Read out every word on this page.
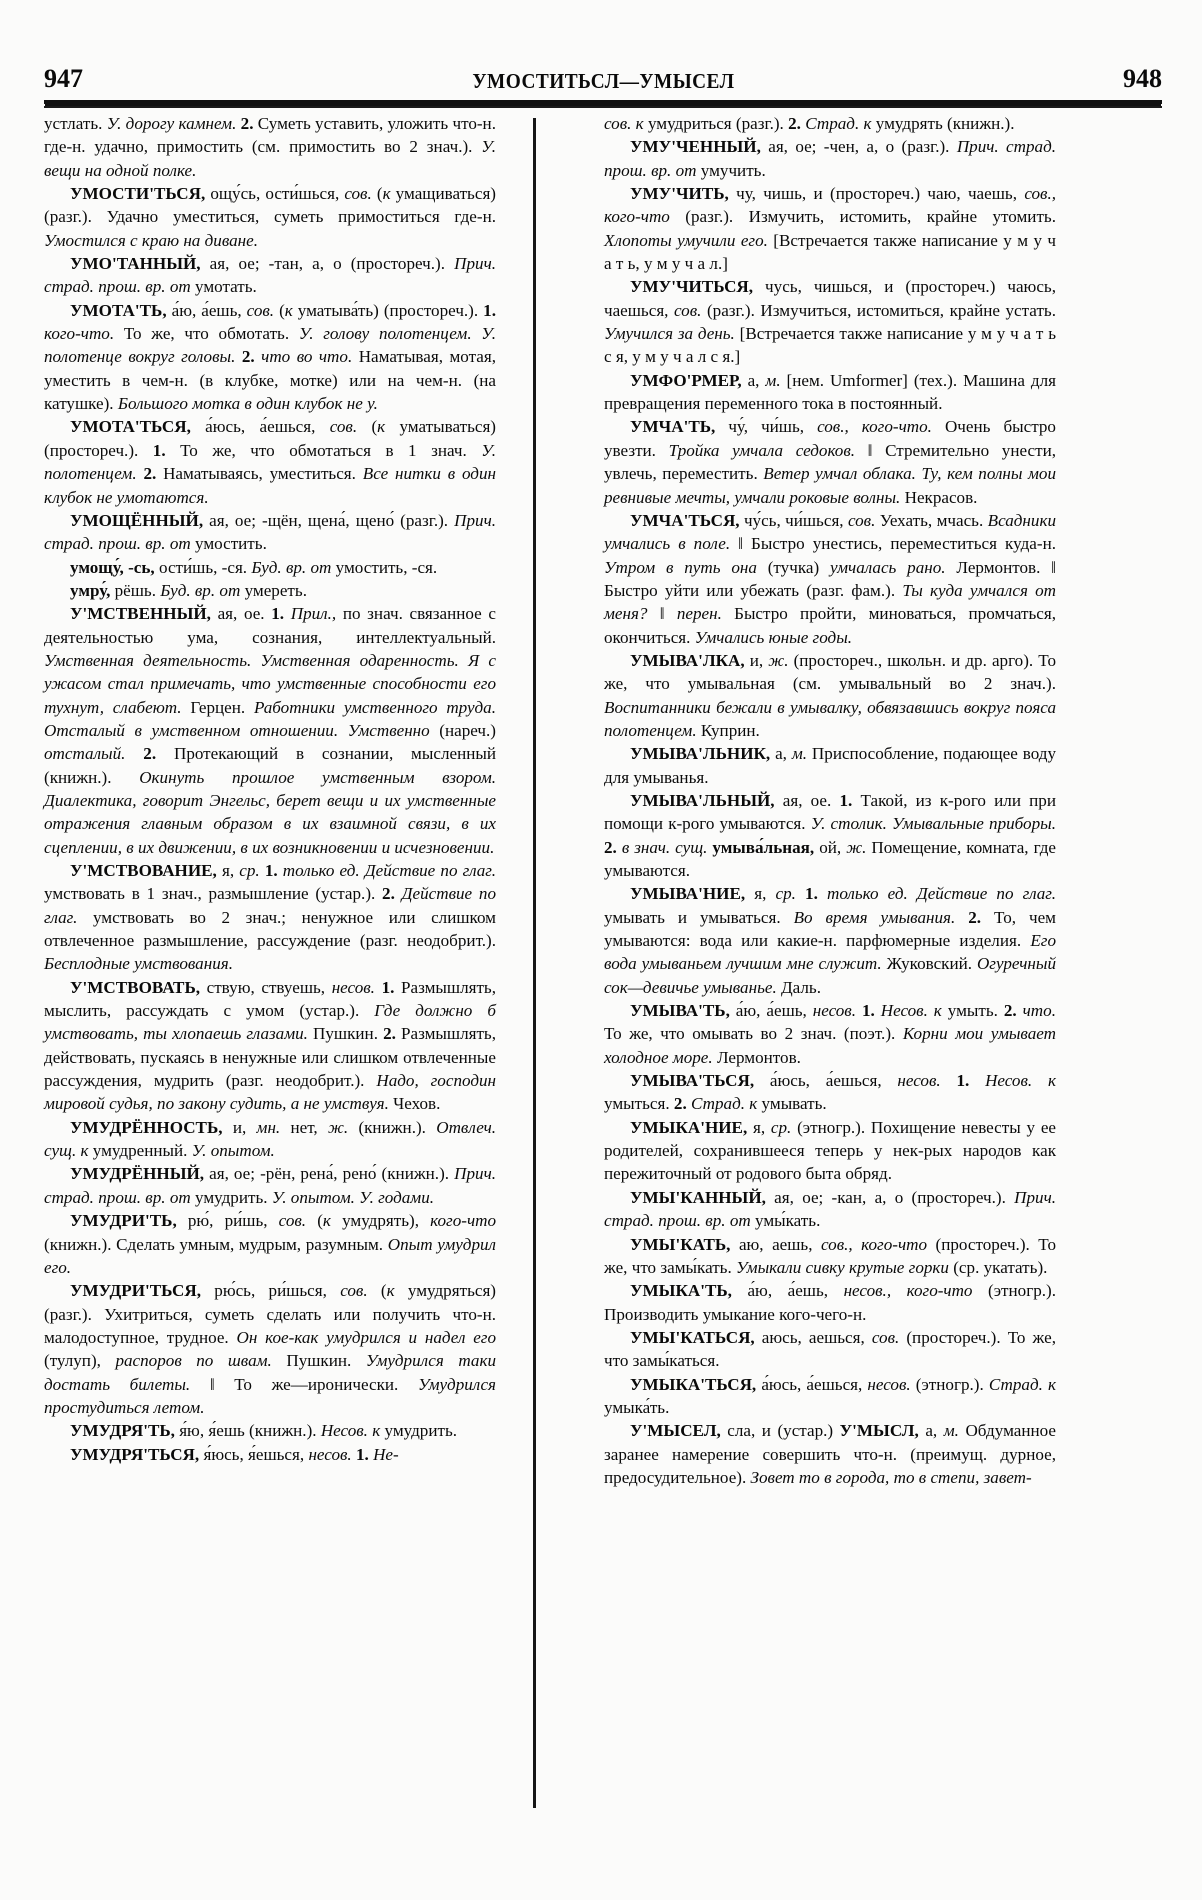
947	УМОСТИТЬСЛ—УМЫСЕЛ	948

устлать. У. дорогу камнем. 2. Суметь уставить, уложить что-н. где-н. удачно, примостить (см. примостить во 2 знач.). У. вещи на одной полке.

УМОСТИ'ТЬСЯ, ощу́сь, ости́шься, сов. (к умащиваться) (разг.). Удачно уместиться, суметь примоститься где-н. Умостился с краю на диване.

УМО'ТАННЫЙ, ая, ое; -тан, а, о (простореч.). Прич. страд. прош. вр. от умотать.

УМОТА'ТЬ, а́ю, а́ешь, сов. (к уматыва́ть) (простореч.). 1. кого-что. То же, что обмотать. У. голову полотенцем. У. полотенце вокруг головы. 2. что во что. Наматывая, мотая, уместить в чем-н. (в клубке, мотке) или на чем-н. (на катушке). Большого мотка в один клубок не у.

УМОТА'ТЬСЯ, а́юсь, а́ешься, сов. (к уматываться) (простореч.). 1. То же, что обмотаться в 1 знач. У. полотенцем. 2. Наматываясь, уместиться. Все нитки в один клубок не умотаются.

УМОЩЁННЫЙ, ая, ое; -щён, щена́, щено́ (разг.). Прич. страд. прош. вр. от умостить.

умощу́, -сь, ости́шь, -ся. Буд. вр. от умостить, -ся.

умру́, рёшь. Буд. вр. от умереть.

У'МСТВЕННЫЙ, ая, ое. 1. Прил., по знач. связанное с деятельностью ума, сознания, интеллектуальный. Умственная деятельность. Умственная одаренность. Я с ужасом стал примечать, что умственные способности его тухнут, слабеют. Герцен. Работники умственного труда. Отсталый в умственном отношении. Умственно (нареч.) отсталый. 2. Протекающий в сознании, мысленный (книжн.). Окинуть прошлое умственным взором. Диалектика, говорит Энгельс, берет вещи и их умственные отражения главным образом в их взаимной связи, в их сцеплении, в их движении, в их возникновении и исчезновении.

У'МСТВОВАНИЕ, я, ср. 1. только ед. Действие по глаг. умствовать в 1 знач., размышление (устар.). 2. Действие по глаг. умствовать во 2 знач.; ненужное или слишком отвлеченное размышление, рассуждение (разг. неодобрит.). Бесплодные умствования.

У'МСТВОВАТЬ, ствую, ствуешь, несов. 1. Размышлять, мыслить, рассуждать с умом (устар.). Где должно б умствовать, ты хлопаешь глазами. Пушкин. 2. Размышлять, действовать, пускаясь в ненужные или слишком отвлеченные рассуждения, мудрить (разг. неодобрит.). Надо, господин мировой судья, по закону судить, а не умствуя. Чехов.

УМУДРЁННОСТЬ, и, мн. нет, ж. (книжн.). Отвлеч. сущ. к умудренный. У. опытом.

УМУДРЁННЫЙ, ая, ое; -рён, рена́, рено́ (книжн.). Прич. страд. прош. вр. от умудрить. У. опытом. У. годами.

УМУДРИ'ТЬ, рю́, ри́шь, сов. (к умудрять), кого-что (книжн.). Сделать умным, мудрым, разумным. Опыт умудрил его.

УМУДРИ'ТЬСЯ, рю́сь, ри́шься, сов. (к умудряться) (разг.). Ухитриться, суметь сделать или получить что-н. малодоступное, трудное. Он кое-как умудрился и надел его (тулуп), распоров по швам. Пушкин. Умудрился таки достать билеты. ‖ То же—иронически. Умудрился простудиться летом.

УМУДРЯ'ТЬ, я́ю, я́ешь (книжн.). Несов. к умудрить.

УМУДРЯ'ТЬСЯ, я́юсь, я́ешься, несов. 1. Не-

сов. к умудриться (разг.). 2. Страд. к умудрять (книжн.).

УМУ'ЧЕННЫЙ, ая, ое; -чен, а, о (разг.). Прич. страд. прош. вр. от умучить.

УМУ'ЧИТЬ, чу, чишь, и (простореч.) чаю, чаешь, сов., кого-что (разг.). Измучить, истомить, крайне утомить. Хлопоты умучили его. [Встречается также написание у м у ч а т ь, у м у ч а л.]

УМУ'ЧИТЬСЯ, чусь, чишься, и (простореч.) чаюсь, чаешься, сов. (разг.). Измучиться, истомиться, крайне устать. Умучился за день. [Встречается также написание у м у ч а т ь с я, у м у ч а л с я.]

УМФО'РМЕР, а, м. [нем. Umformer] (тех.). Машина для превращения переменного тока в постоянный.

УМЧА'ТЬ, чу́, чи́шь, сов., кого-что. Очень быстро увезти. Тройка умчала седоков. ‖ Стремительно унести, увлечь, переместить. Ветер умчал облака. Ту, кем полны мои ревнивые мечты, умчали роковые волны. Некрасов.

УМЧА'ТЬСЯ, чу́сь, чи́шься, сов. Уехать, мчась. Всадники умчались в поле. ‖ Быстро унестись, переместиться куда-н. Утром в путь она (тучка) умчалась рано. Лермонтов. ‖ Быстро уйти или убежать (разг. фам.). Ты куда умчался от меня? ‖ перен. Быстро пройти, миноваться, промчаться, окончиться. Умчались юные годы.

УМЫВА'ЛКА, и, ж. (простореч., школьн. и др. арго). То же, что умывальная (см. умывальный во 2 знач.). Воспитанники бежали в умывалку, обвязавшись вокруг пояса полотенцем. Куприн.

УМЫВА'ЛЬНИК, а, м. Приспособление, подающее воду для умыванья.

УМЫВА'ЛЬНЫЙ, ая, ое. 1. Такой, из к-рого или при помощи к-рого умываются. У. столик. Умывальные приборы. 2. в знач. сущ. умыва́льная, ой, ж. Помещение, комната, где умываются.

УМЫВА'НИЕ, я, ср. 1. только ед. Действие по глаг. умывать и умываться. Во время умывания. 2. То, чем умываются: вода или какие-н. парфюмерные изделия. Его вода умываньем лучшим мне служит. Жуковский. Огуречный сок—девичье умыванье. Даль.

УМЫВА'ТЬ, а́ю, а́ешь, несов. 1. Несов. к умыть. 2. что. То же, что омывать во 2 знач. (поэт.). Корни мои умывает холодное море. Лермонтов.

УМЫВА'ТЬСЯ, а́юсь, а́ешься, несов. 1. Несов. к умыться. 2. Страд. к умывать.

УМЫКА'НИЕ, я, ср. (этногр.). Похищение невесты у ее родителей, сохранившееся теперь у нек-рых народов как пережиточный от родового быта обряд.

УМЫ'КАННЫЙ, ая, ое; -кан, а, о (простореч.). Прич. страд. прош. вр. от умы́кать.

УМЫ'КАТЬ, аю, аешь, сов., кого-что (простореч.). То же, что замы́кать. Умыкали сивку крутые горки (ср. укатать).

УМЫКА'ТЬ, а́ю, а́ешь, несов., кого-что (этногр.). Производить умыкание кого-чего-н.

УМЫ'КАТЬСЯ, аюсь, аешься, сов. (простореч.). То же, что замы́каться.

УМЫКА'ТЬСЯ, а́юсь, а́ешься, несов. (этногр.). Страд. к умыка́ть.

У'МЫСЕЛ, сла, и (устар.) У'МЫСЛ, а, м. Обдуманное заранее намерение совершить что-н. (преимущ. дурное, предосудительное). Зовет то в города, то в степи, завет-
